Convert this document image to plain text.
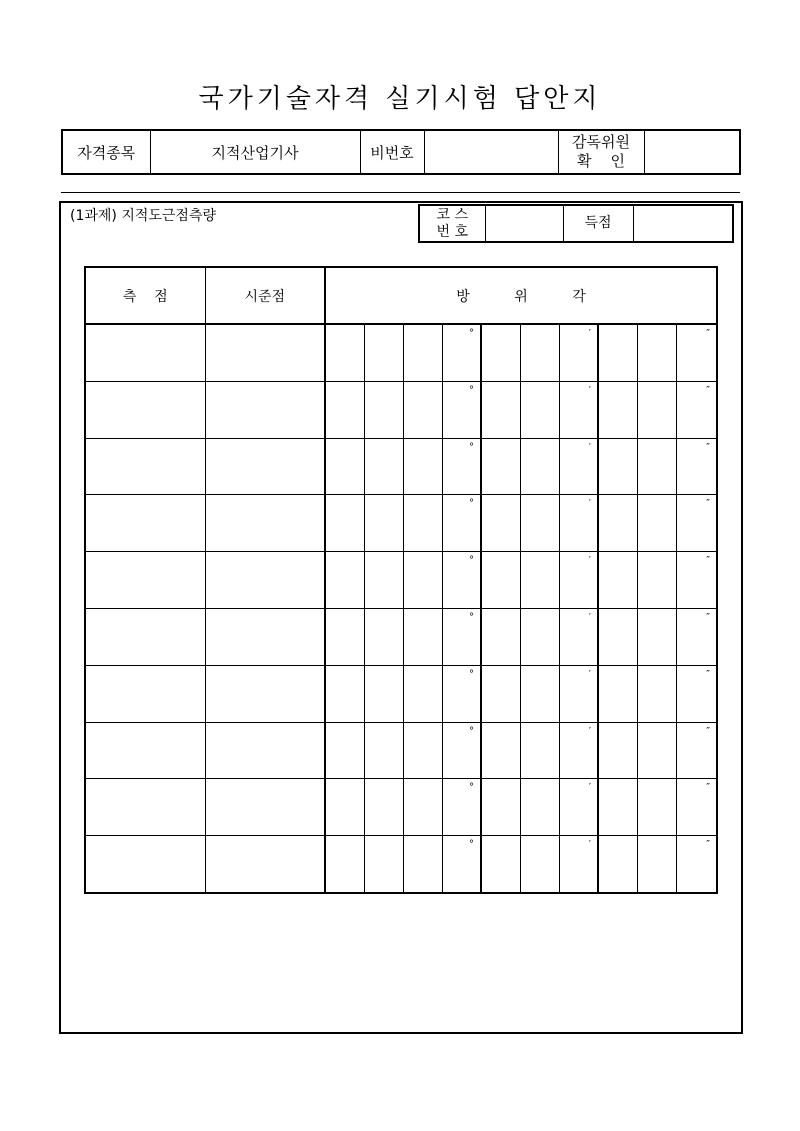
국가기술자격 실기시험 답안지
자격종목	지적산업기사	비번호		
감독위원
확    인

(1과제) 지적도근점측량	코 스
번 호
		득점	
측    점	시준점	방          위          각									

					°			′			″

					°			′			″

					°			′			″

					°			′			″

					°			′			″

					°			′			″

					°			′			″

					°			′			″

					°			′			″

					°			′			″
